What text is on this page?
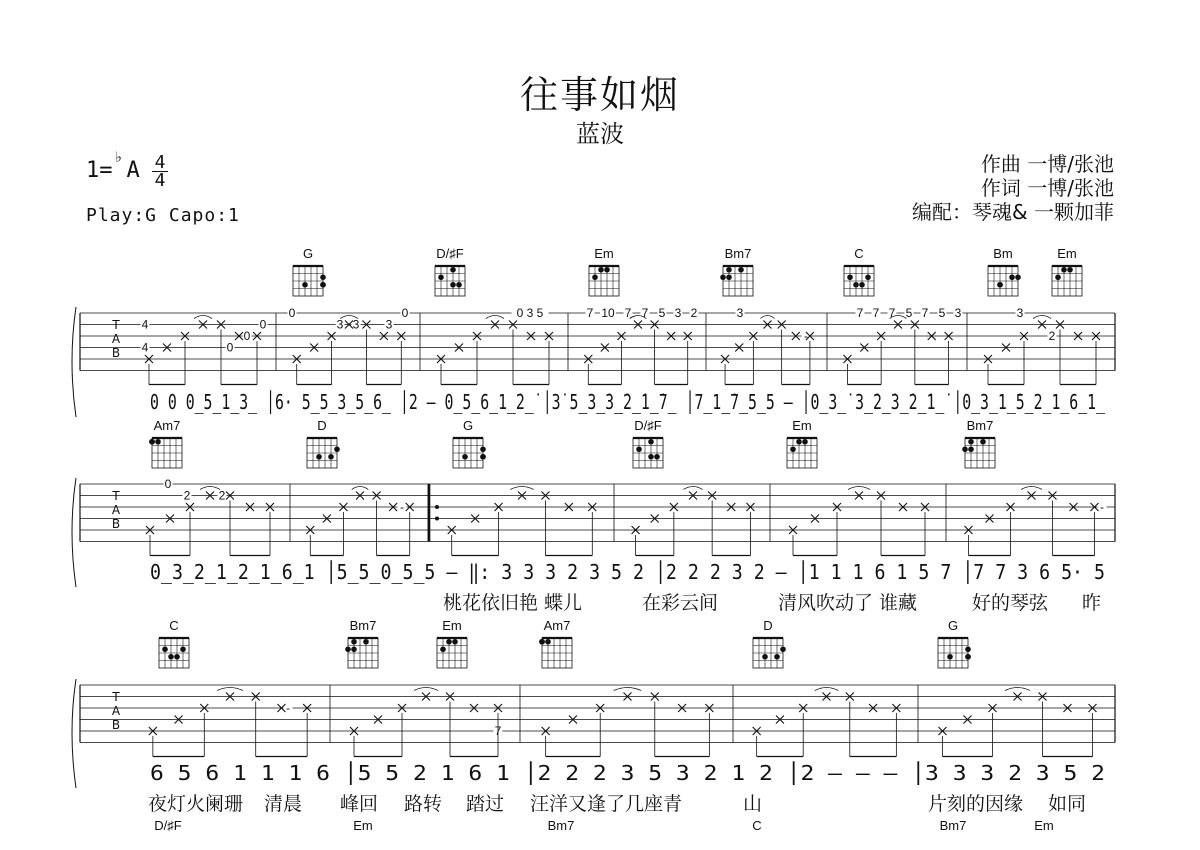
往事如烟
蓝波
1= A
♭ 4
4
Play:G Capo:1
作曲 一博/张池
作词 一博/张池
编配：琴魂& 一颗加菲
G	D/♯F	Em	Bm7	C	Bm	Em
T
A
B
4
4	0
0
0
0
3 3 3
0	0 3 5	7 10 7 7 5 3 2	3
-
7 7 7 5 7 5 3	3
2
0 0 0̲5̲1̲3̲ │6· 5̲5̲3̲5̲6̲ │2 — 0̲5̲6̲1̲̇2̲̇ │3̇ 5̲3̲̇3̲̇2̲̇1̲̇7̲ │7̲1̲̇7̲5̲5 — │0̲3̲̇ 3̲̇2̲̇3̲̇2̲̇1̲̇ │0̲3̲1̲̇5̲2̲1̲6̲1̲
Am7	D	G	D/♯F	Em	Bm7
T
A
B
0
2 2
-	-
0̲3̲2̲1̲2̲1̲6̲1 │5̲5̲0̲5̲5 — ‖: 3 3 3 2 3 5 2 │2 2 2 3 2 — │1 1 1 6 1 5 7 │7 7 3 6 5· 5
桃花依旧艳 蝶儿	在彩云间	清风吹动了 谁藏	好的琴弦 昨
C	Bm7	Em	Am7	D	G
T
A
B
-
7
6 5 6 1 1 1 6 │5 5 2 1 6 1 │2 2 2 3 5 3 2 1 2 │2 — — — │3 3 3 2 3 5 2
夜灯火阑珊 清晨 峰回 路转 踏过 汪洋又逢了几座青	山	片刻的因缘 如同
D/♯F	Em	Bm7	C	Bm7	Em
